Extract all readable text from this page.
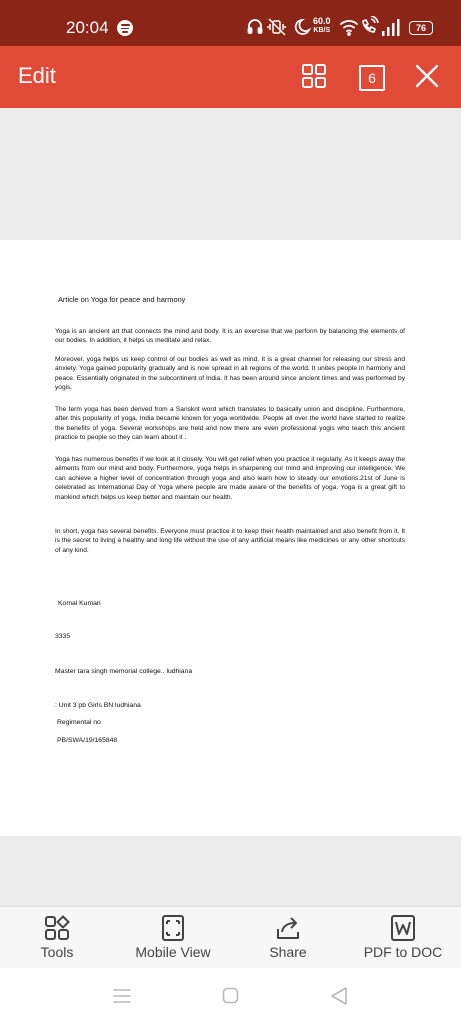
20:04	60.0
KB/S	76
Edit	6
Article on Yoga for peace and harmony
Yoga is an ancient art that connects the mind and body. It is an exercise that we perform by balancing the elements of our bodies. In addition, it helps us meditate and relax.
Moreover, yoga helps us keep control of our bodies as well as mind. It is a great channel for releasing our stress and anxiety. Yoga gained popularity gradually and is now spread in all regions of the world. It unites people in harmony and peace. Essentially originated in the subcontinent of India. It has been around since ancient times and was performed by yogis.
The term yoga has been derived from a Sanskrit word which translates to basically union and discipline. Furthermore, after this popularity of yoga, India became known for yoga worldwide. People all over the world have started to realize the benefits of yoga. Several workshops are held and now there are even professional yogis who teach this ancient practice to people so they can learn about it .
Yoga has numerous benefits if we look at it closely. You will get relief when you practice it regularly. As it keeps away the ailments from our mind and body. Furthermore, yoga helps in sharpening our mind and improving our intelligence. We can achieve a higher level of concentration through yoga and also learn how to steady our emotions.21st of June is celebrated as International Day of Yoga where people are made aware of the benefits of yoga. Yoga is a great gift to mankind which helps us keep better and maintain our health.
In short, yoga has several benefits. Everyone must practice it to keep their health maintained and also benefit from it. It is the secret to living a healthy and long life without the use of any artificial means like medicines or any other shortcuts of any kind.
Komal Kumari
3335
Master tara singh memorial college.. ludhiana
: Unit 3 pb Girls BN ludhiana
Regimental no
PB/SWA/19/165848
Tools	Mobile View	Share	PDF to DOC
